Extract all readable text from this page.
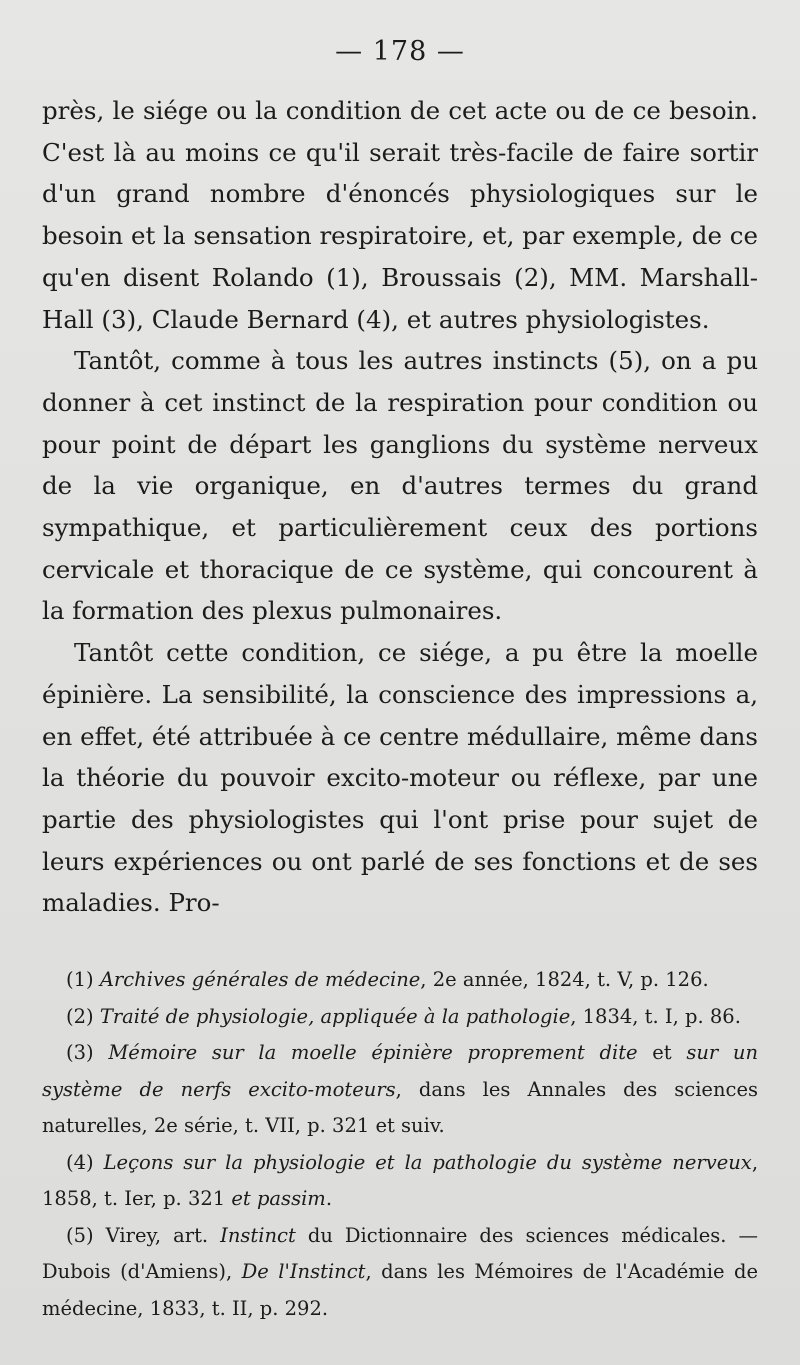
— 178 —

près, le siége ou la condition de cet acte ou de ce besoin. C'est là au moins ce qu'il serait très-facile de faire sortir d'un grand nombre d'énoncés physiologiques sur le besoin et la sensation respiratoire, et, par exemple, de ce qu'en disent Rolando (1), Broussais (2), MM. Marshall-Hall (3), Claude Bernard (4), et autres physiologistes.

Tantôt, comme à tous les autres instincts (5), on a pu donner à cet instinct de la respiration pour condition ou pour point de départ les ganglions du système nerveux de la vie organique, en d'autres termes du grand sympathique, et particulièrement ceux des portions cervicale et thoracique de ce système, qui concourent à la formation des plexus pulmonaires.

Tantôt cette condition, ce siége, a pu être la moelle épinière. La sensibilité, la conscience des impressions a, en effet, été attribuée à ce centre médullaire, même dans la théorie du pouvoir excito-moteur ou réflexe, par une partie des physiologistes qui l'ont prise pour sujet de leurs expériences ou ont parlé de ses fonctions et de ses maladies. Pro-

(1) Archives générales de médecine, 2e année, 1824, t. V, p. 126.

(2) Traité de physiologie, appliquée à la pathologie, 1834, t. I, p. 86.

(3) Mémoire sur la moelle épinière proprement dite et sur un système de nerfs excito-moteurs, dans les Annales des sciences naturelles, 2e série, t. VII, p. 321 et suiv.

(4) Leçons sur la physiologie et la pathologie du système nerveux, 1858, t. Ier, p. 321 et passim.

(5) Virey, art. Instinct du Dictionnaire des sciences médicales. — Dubois (d'Amiens), De l'Instinct, dans les Mémoires de l'Académie de médecine, 1833, t. II, p. 292.
